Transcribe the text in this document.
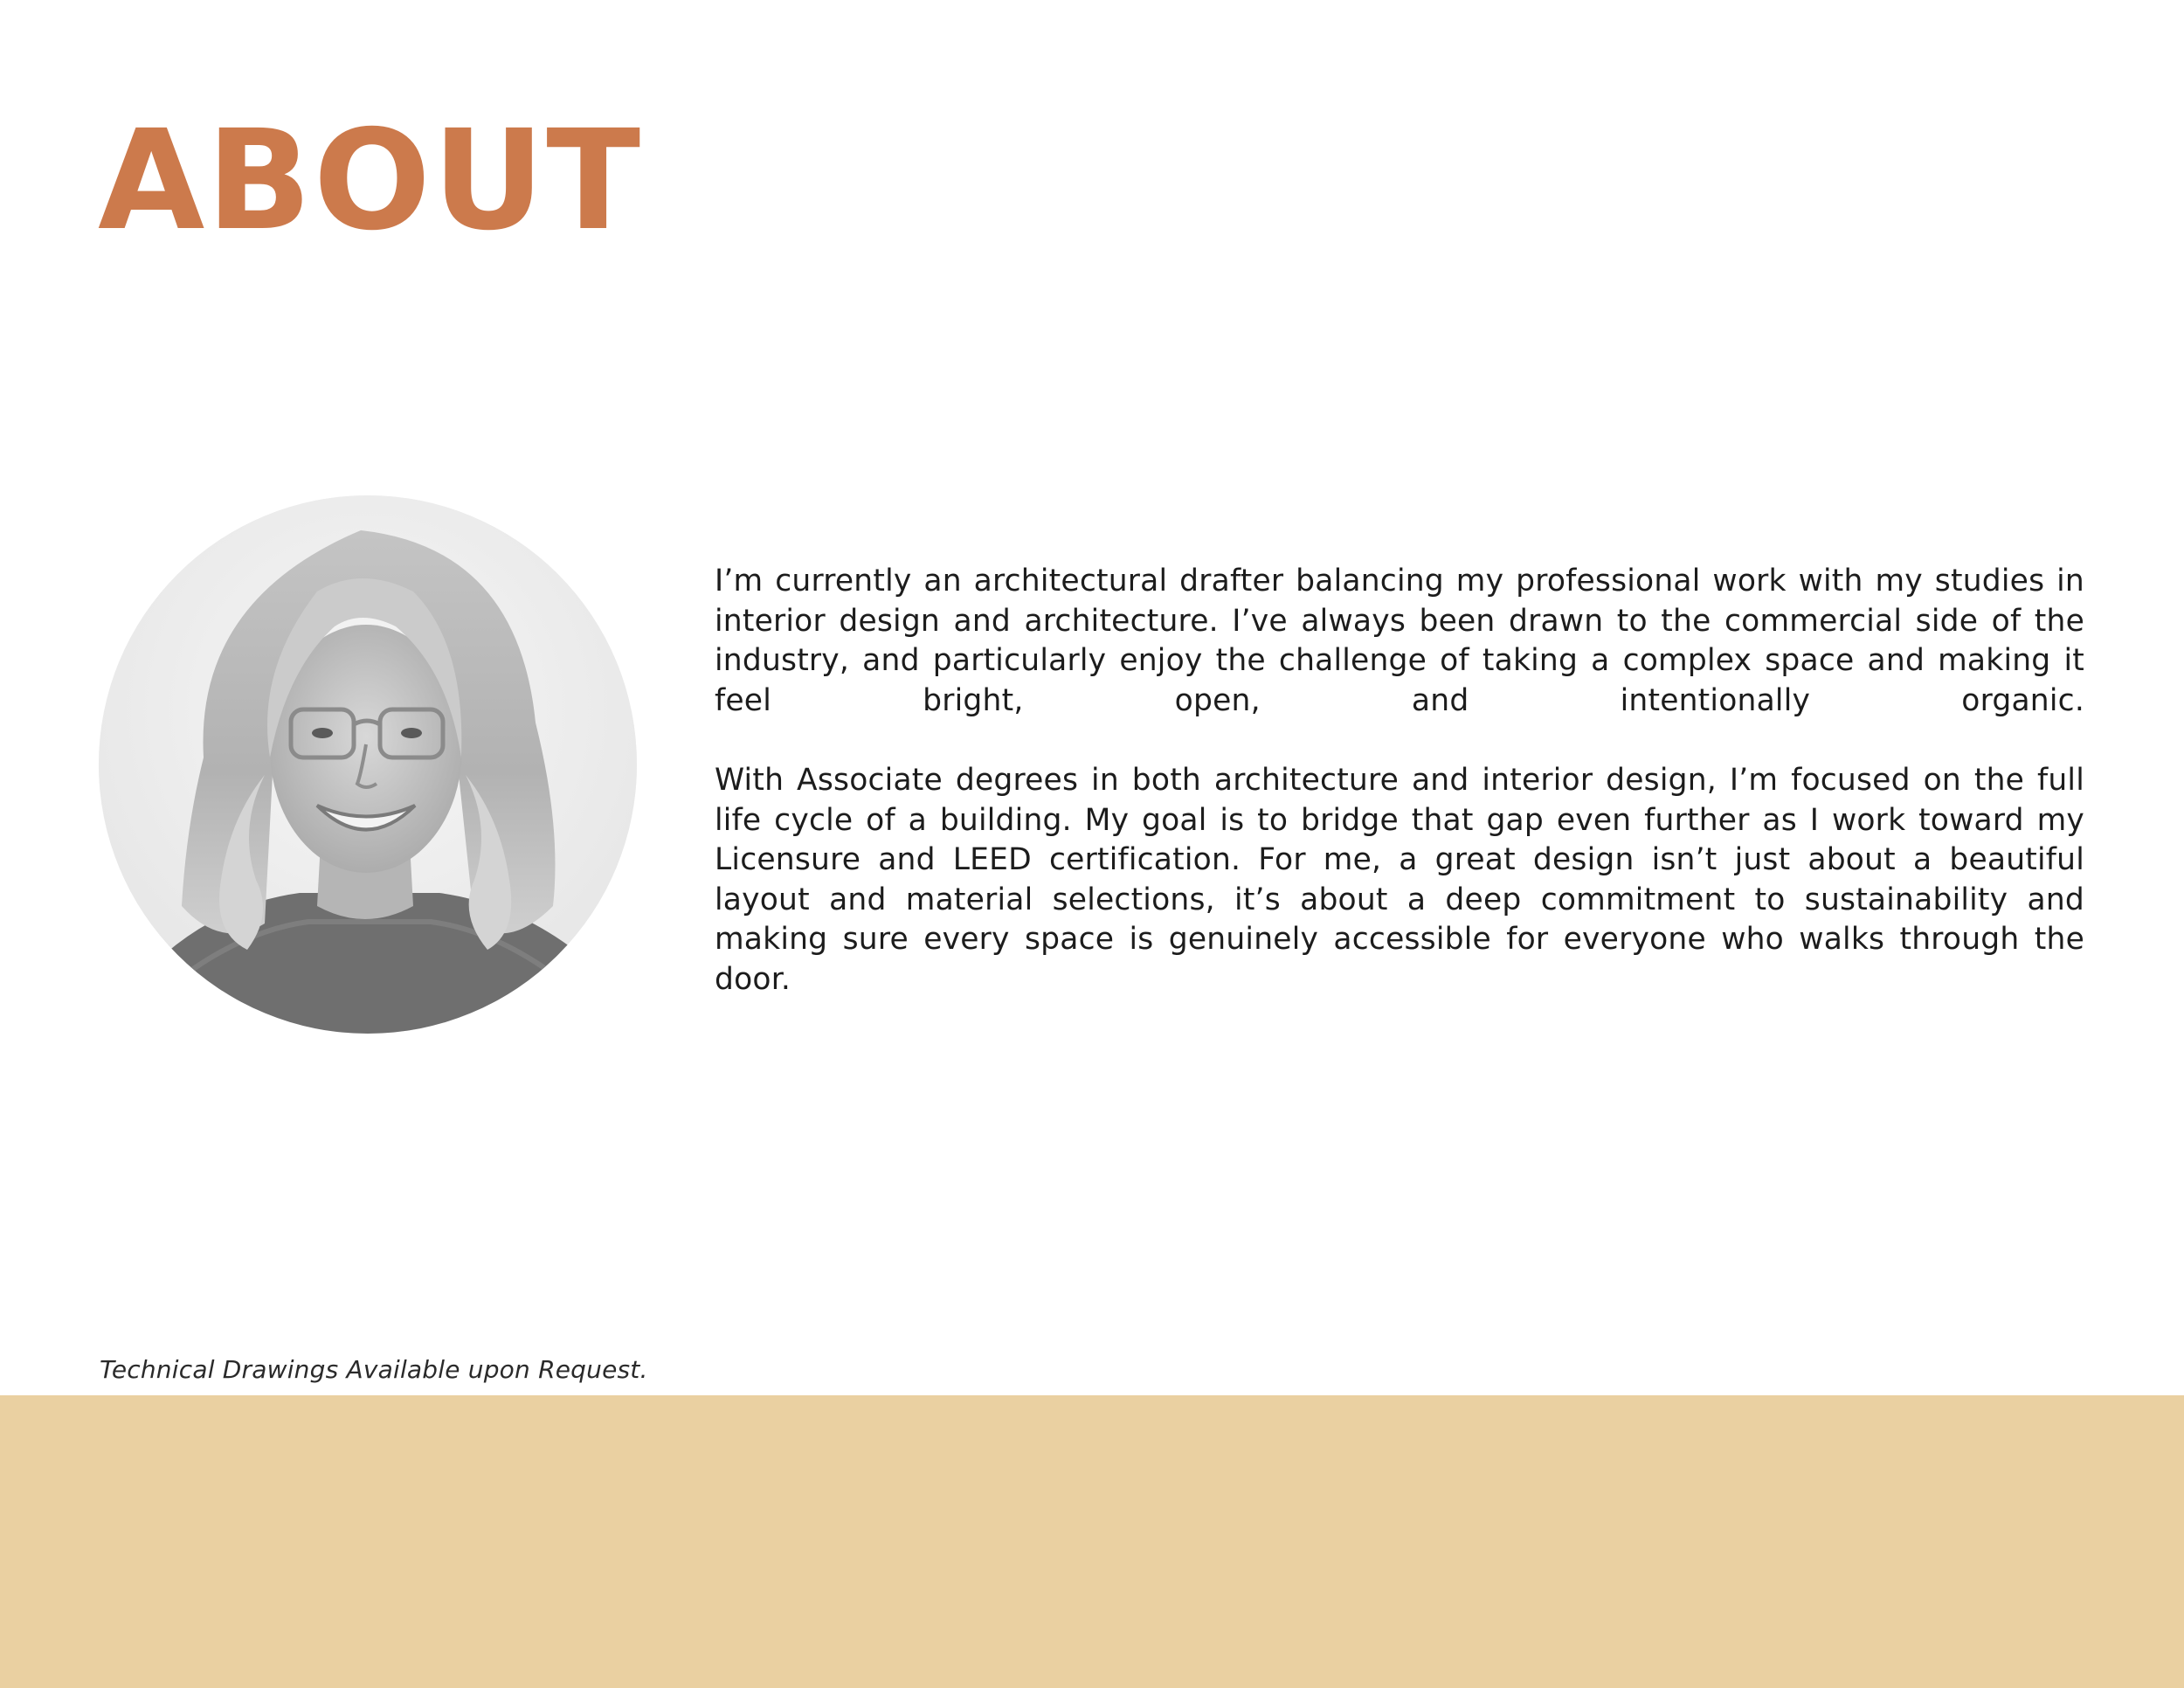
ABOUT

I’m currently an architectural drafter balancing my professional work with my studies in interior design and architecture. I’ve always been drawn to the commercial side of the industry, and particularly enjoy the challenge of taking a complex space and making it feel bright, open, and intentionally organic.

With Associate degrees in both architecture and interior design, I’m focused on the full life cycle of a building. My goal is to bridge that gap even further as I work toward my Licensure and LEED certification. For me, a great design isn’t just about a beautiful layout and material selections, it’s about a deep commitment to sustainability and making sure every space is genuinely accessible for everyone who walks through the door.

Technical Drawings Available upon Request.
